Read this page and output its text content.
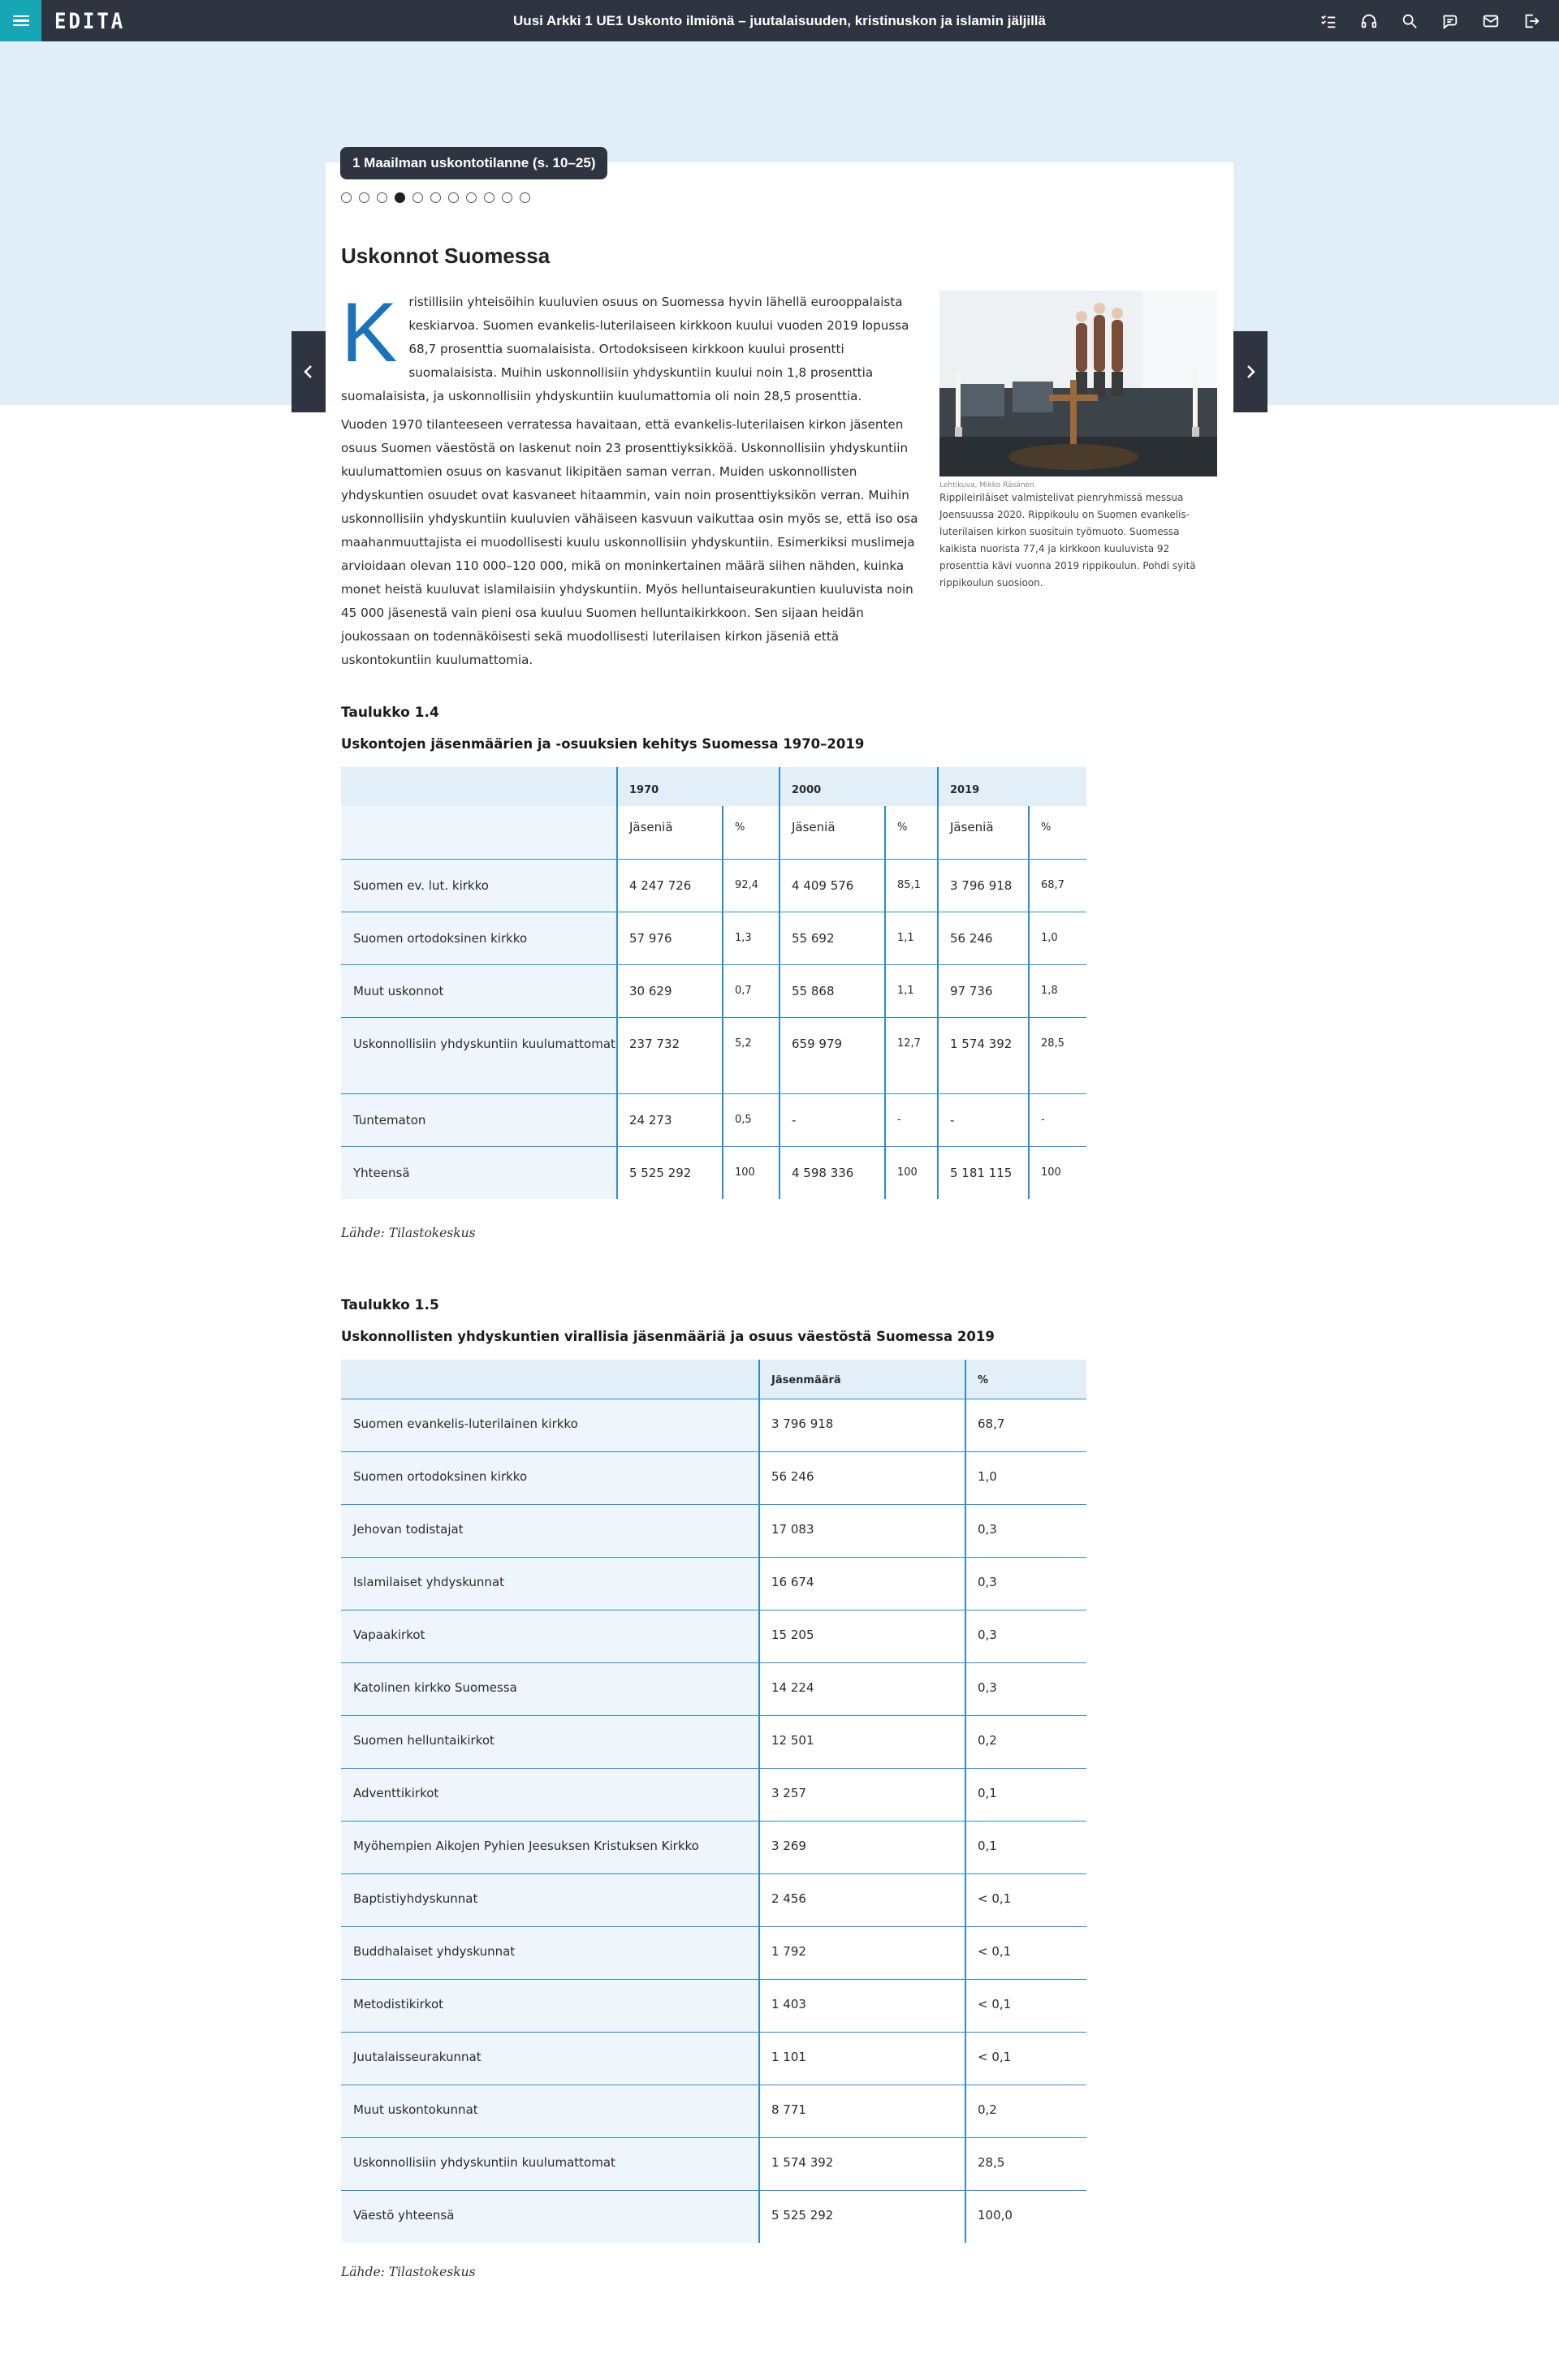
EDITA	Uusi Arkki 1 UE1 Uskonto ilmiönä – juutalaisuuden, kristinuskon ja islamin jäljillä
1 Maailman uskontotilanne (s. 10–25)
Uskonnot Suomessa

Kristillisiin yhteisöihin kuuluvien osuus on Suomessa hyvin lähellä eurooppalaista keskiarvoa. Suomen evankelis-luterilaiseen kirkkoon kuului vuoden 2019 lopussa 68,7 prosenttia suomalaisista. Ortodoksiseen kirkkoon kuului prosentti suomalaisista. Muihin uskonnollisiin yhdyskuntiin kuului noin 1,8 prosenttia suomalaisista, ja uskonnollisiin yhdyskuntiin kuulumattomia oli noin 28,5 prosenttia.

Vuoden 1970 tilanteeseen verratessa havaitaan, että evankelis-luterilaisen kirkon jäsenten osuus Suomen väestöstä on laskenut noin 23 prosenttiyksikköä. Uskonnollisiin yhdyskuntiin kuulumattomien osuus on kasvanut likipitäen saman verran. Muiden uskonnollisten yhdyskuntien osuudet ovat kasvaneet hitaammin, vain noin prosenttiyksikön verran. Muihin uskonnollisiin yhdyskuntiin kuuluvien vähäiseen kasvuun vaikuttaa osin myös se, että iso osa maahanmuuttajista ei muodollisesti kuulu uskonnollisiin yhdyskuntiin. Esimerkiksi muslimeja arvioidaan olevan 110 000–120 000, mikä on moninkertainen määrä siihen nähden, kuinka monet heistä kuuluvat islamilaisiin yhdyskuntiin. Myös helluntaiseurakuntien kuuluvista noin 45 000 jäsenestä vain pieni osa kuuluu Suomen helluntaikirkkoon. Sen sijaan heidän joukossaan on todennäköisesti sekä muodollisesti luterilaisen kirkon jäseniä että uskontokuntiin kuulumattomia.

Lehtikuva, Mikko Räsänen
Rippileiriläiset valmistelivat pienryhmissä messua Joensuussa 2020. Rippikoulu on Suomen evankelis-luterilaisen kirkon suosituin työmuoto. Suomessa kaikista nuorista 77,4 ja kirkkoon kuuluvista 92 prosenttia kävi vuonna 2019 rippikoulun. Pohdi syitä rippikoulun suosioon.
Taulukko 1.4
Uskontojen jäsenmäärien ja -osuuksien kehitys Suomessa 1970–2019
	1970		2000		2019	
	Jäseniä	%	Jäseniä	%	Jäseniä	%
Suomen ev. lut. kirkko	4 247 726	92,4	4 409 576	85,1	3 796 918	68,7
Suomen ortodoksinen kirkko	57 976	1,3	55 692	1,1	56 246	1,0
Muut uskonnot	30 629	0,7	55 868	1,1	97 736	1,8
Uskonnollisiin yhdyskuntiin kuulumattomat	237 732	5,2	659 979	12,7	1 574 392	28,5
Tuntematon	24 273	0,5	-	-	-	-
Yhteensä	5 525 292	100	4 598 336	100	5 181 115	100
Lähde: Tilastokeskus
Taulukko 1.5
Uskonnollisten yhdyskuntien virallisia jäsenmääriä ja osuus väestöstä Suomessa 2019
	Jäsenmäärä	%
Suomen evankelis-luterilainen kirkko	3 796 918	68,7
Suomen ortodoksinen kirkko	56 246	1,0
Jehovan todistajat	17 083	0,3
Islamilaiset yhdyskunnat	16 674	0,3
Vapaakirkot	15 205	0,3
Katolinen kirkko Suomessa	14 224	0,3
Suomen helluntaikirkot	12 501	0,2
Adventtikirkot	3 257	0,1
Myöhempien Aikojen Pyhien Jeesuksen Kristuksen Kirkko	3 269	0,1
Baptistiyhdyskunnat	2 456	< 0,1
Buddhalaiset yhdyskunnat	1 792	< 0,1
Metodistikirkot	1 403	< 0,1
Juutalaisseurakunnat	1 101	< 0,1
Muut uskontokunnat	8 771	0,2
Uskonnollisiin yhdyskuntiin kuulumattomat	1 574 392	28,5
Väestö yhteensä	5 525 292	100,0
Lähde: Tilastokeskus
